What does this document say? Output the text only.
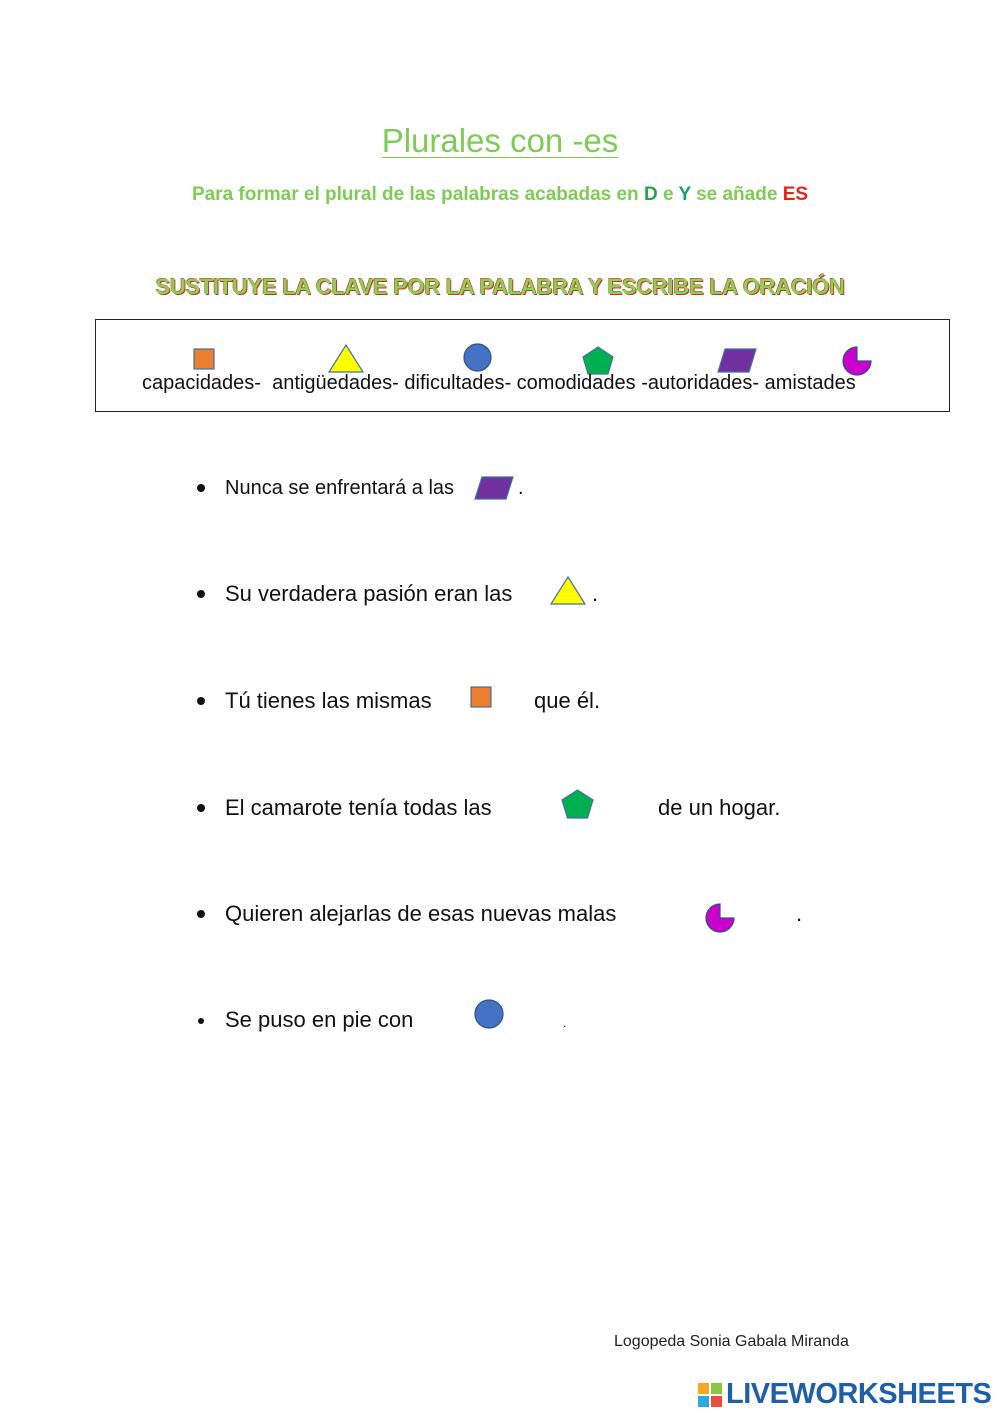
Plurales con -es
Para formar el plural de las palabras acabadas en D e Y se añade ES
SUSTITUYE LA CLAVE POR LA PALABRA Y ESCRIBE LA ORACIÓN
capacidades-  antigüedades- dificultades- comodidades -autoridades- amistades
Nunca se enfrentará a las	.
Su verdadera pasión eran las	.
Tú tienes las mismas	que él.
El camarote tenía todas las	de un hogar.
Quieren alejarlas de esas nuevas malas	.
Se puso en pie con	.
Logopeda Sonia Gabala Miranda
LIVEWORKSHEETS
